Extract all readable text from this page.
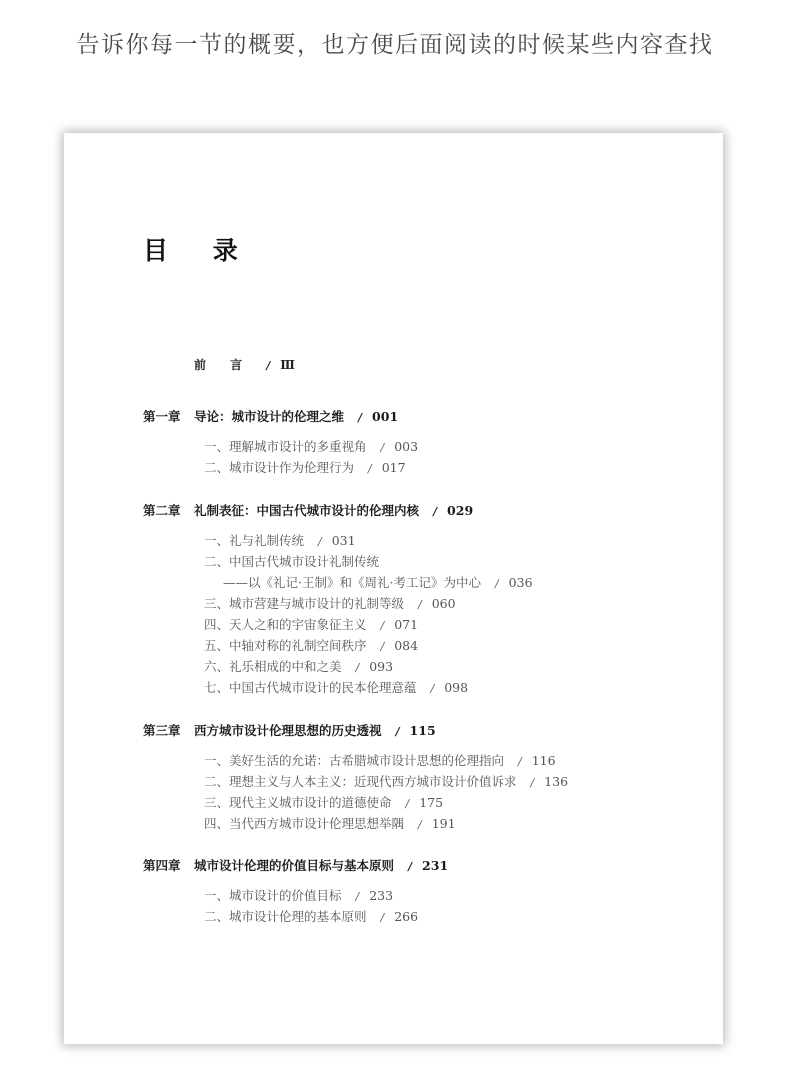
告诉你每一节的概要，也方便后面阅读的时候某些内容查找
目 录
前 言 / Ⅲ
第一章 导论：城市设计的伦理之维 / 001
一、理解城市设计的多重视角 / 003
二、城市设计作为伦理行为 / 017
第二章 礼制表征：中国古代城市设计的伦理内核 / 029
一、礼与礼制传统 / 031
二、中国古代城市设计礼制传统
——以《礼记·王制》和《周礼·考工记》为中心 / 036
三、城市营建与城市设计的礼制等级 / 060
四、天人之和的宇宙象征主义 / 071
五、中轴对称的礼制空间秩序 / 084
六、礼乐相成的中和之美 / 093
七、中国古代城市设计的民本伦理意蕴 / 098
第三章 西方城市设计伦理思想的历史透视 / 115
一、美好生活的允诺：古希腊城市设计思想的伦理指向 / 116
二、理想主义与人本主义：近现代西方城市设计价值诉求 / 136
三、现代主义城市设计的道德使命 / 175
四、当代西方城市设计伦理思想举隅 / 191
第四章 城市设计伦理的价值目标与基本原则 / 231
一、城市设计的价值目标 / 233
二、城市设计伦理的基本原则 / 266
